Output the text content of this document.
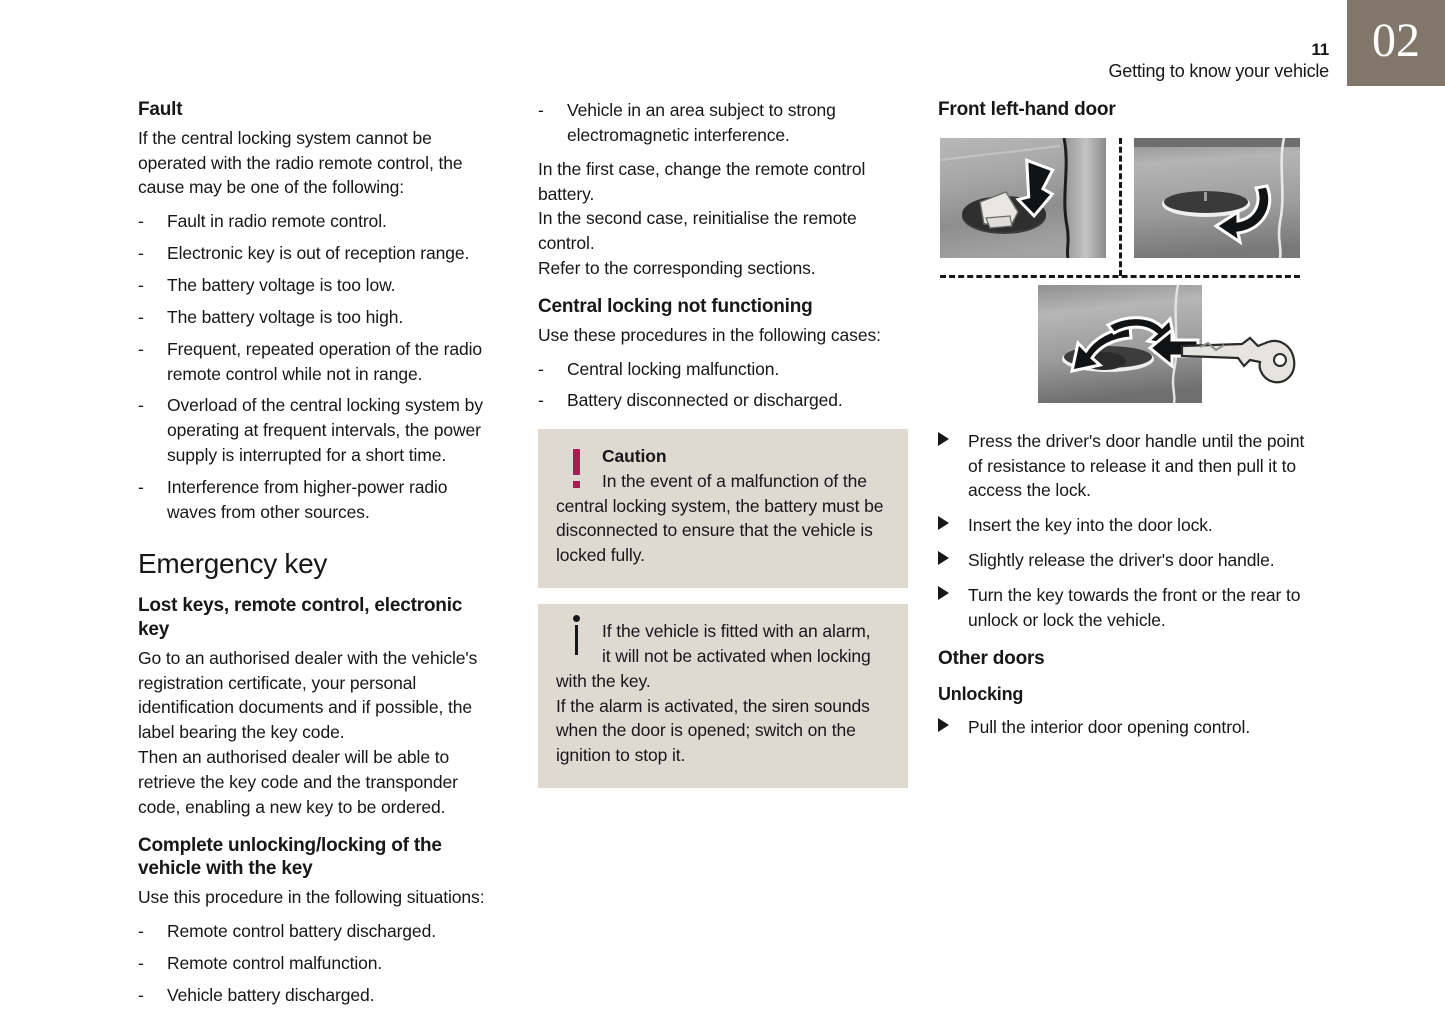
11
Getting to know your vehicle
02
Fault

If the central locking system cannot be operated with the radio remote control, the cause may be one of the following:

- Fault in radio remote control.
- Electronic key is out of reception range.
- The battery voltage is too low.
- The battery voltage is too high.
- Frequent, repeated operation of the radio remote control while not in range.
- Overload of the central locking system by operating at frequent intervals, the power supply is interrupted for a short time.
- Interference from higher-power radio waves from other sources.
Emergency key
Lost keys, remote control, electronic key

Go to an authorised dealer with the vehicle's registration certificate, your personal identification documents and if possible, the label bearing the key code.

Then an authorised dealer will be able to retrieve the key code and the transponder code, enabling a new key to be ordered.

Complete unlocking/locking of the vehicle with the key

Use this procedure in the following situations:

- Remote control battery discharged.
- Remote control malfunction.
- Vehicle battery discharged.
- Vehicle in an area subject to strong electromagnetic interference.

In the first case, change the remote control battery.

In the second case, reinitialise the remote control.

Refer to the corresponding sections.

Central locking not functioning

Use these procedures in the following cases:

- Central locking malfunction.
- Battery disconnected or discharged.
Caution
In the event of a malfunction of the
central locking system, the battery must be disconnected to ensure that the vehicle is locked fully.
If the vehicle is fitted with an alarm,
it will not be activated when locking
with the key.
If the alarm is activated, the siren sounds when the door is opened; switch on the ignition to stop it.
Front left-hand door
Press the driver's door handle until the point of resistance to release it and then pull it to access the lock.
Insert the key into the door lock.
Slightly release the driver's door handle.
Turn the key towards the front or the rear to unlock or lock the vehicle.
Other doors
Unlocking
Pull the interior door opening control.
